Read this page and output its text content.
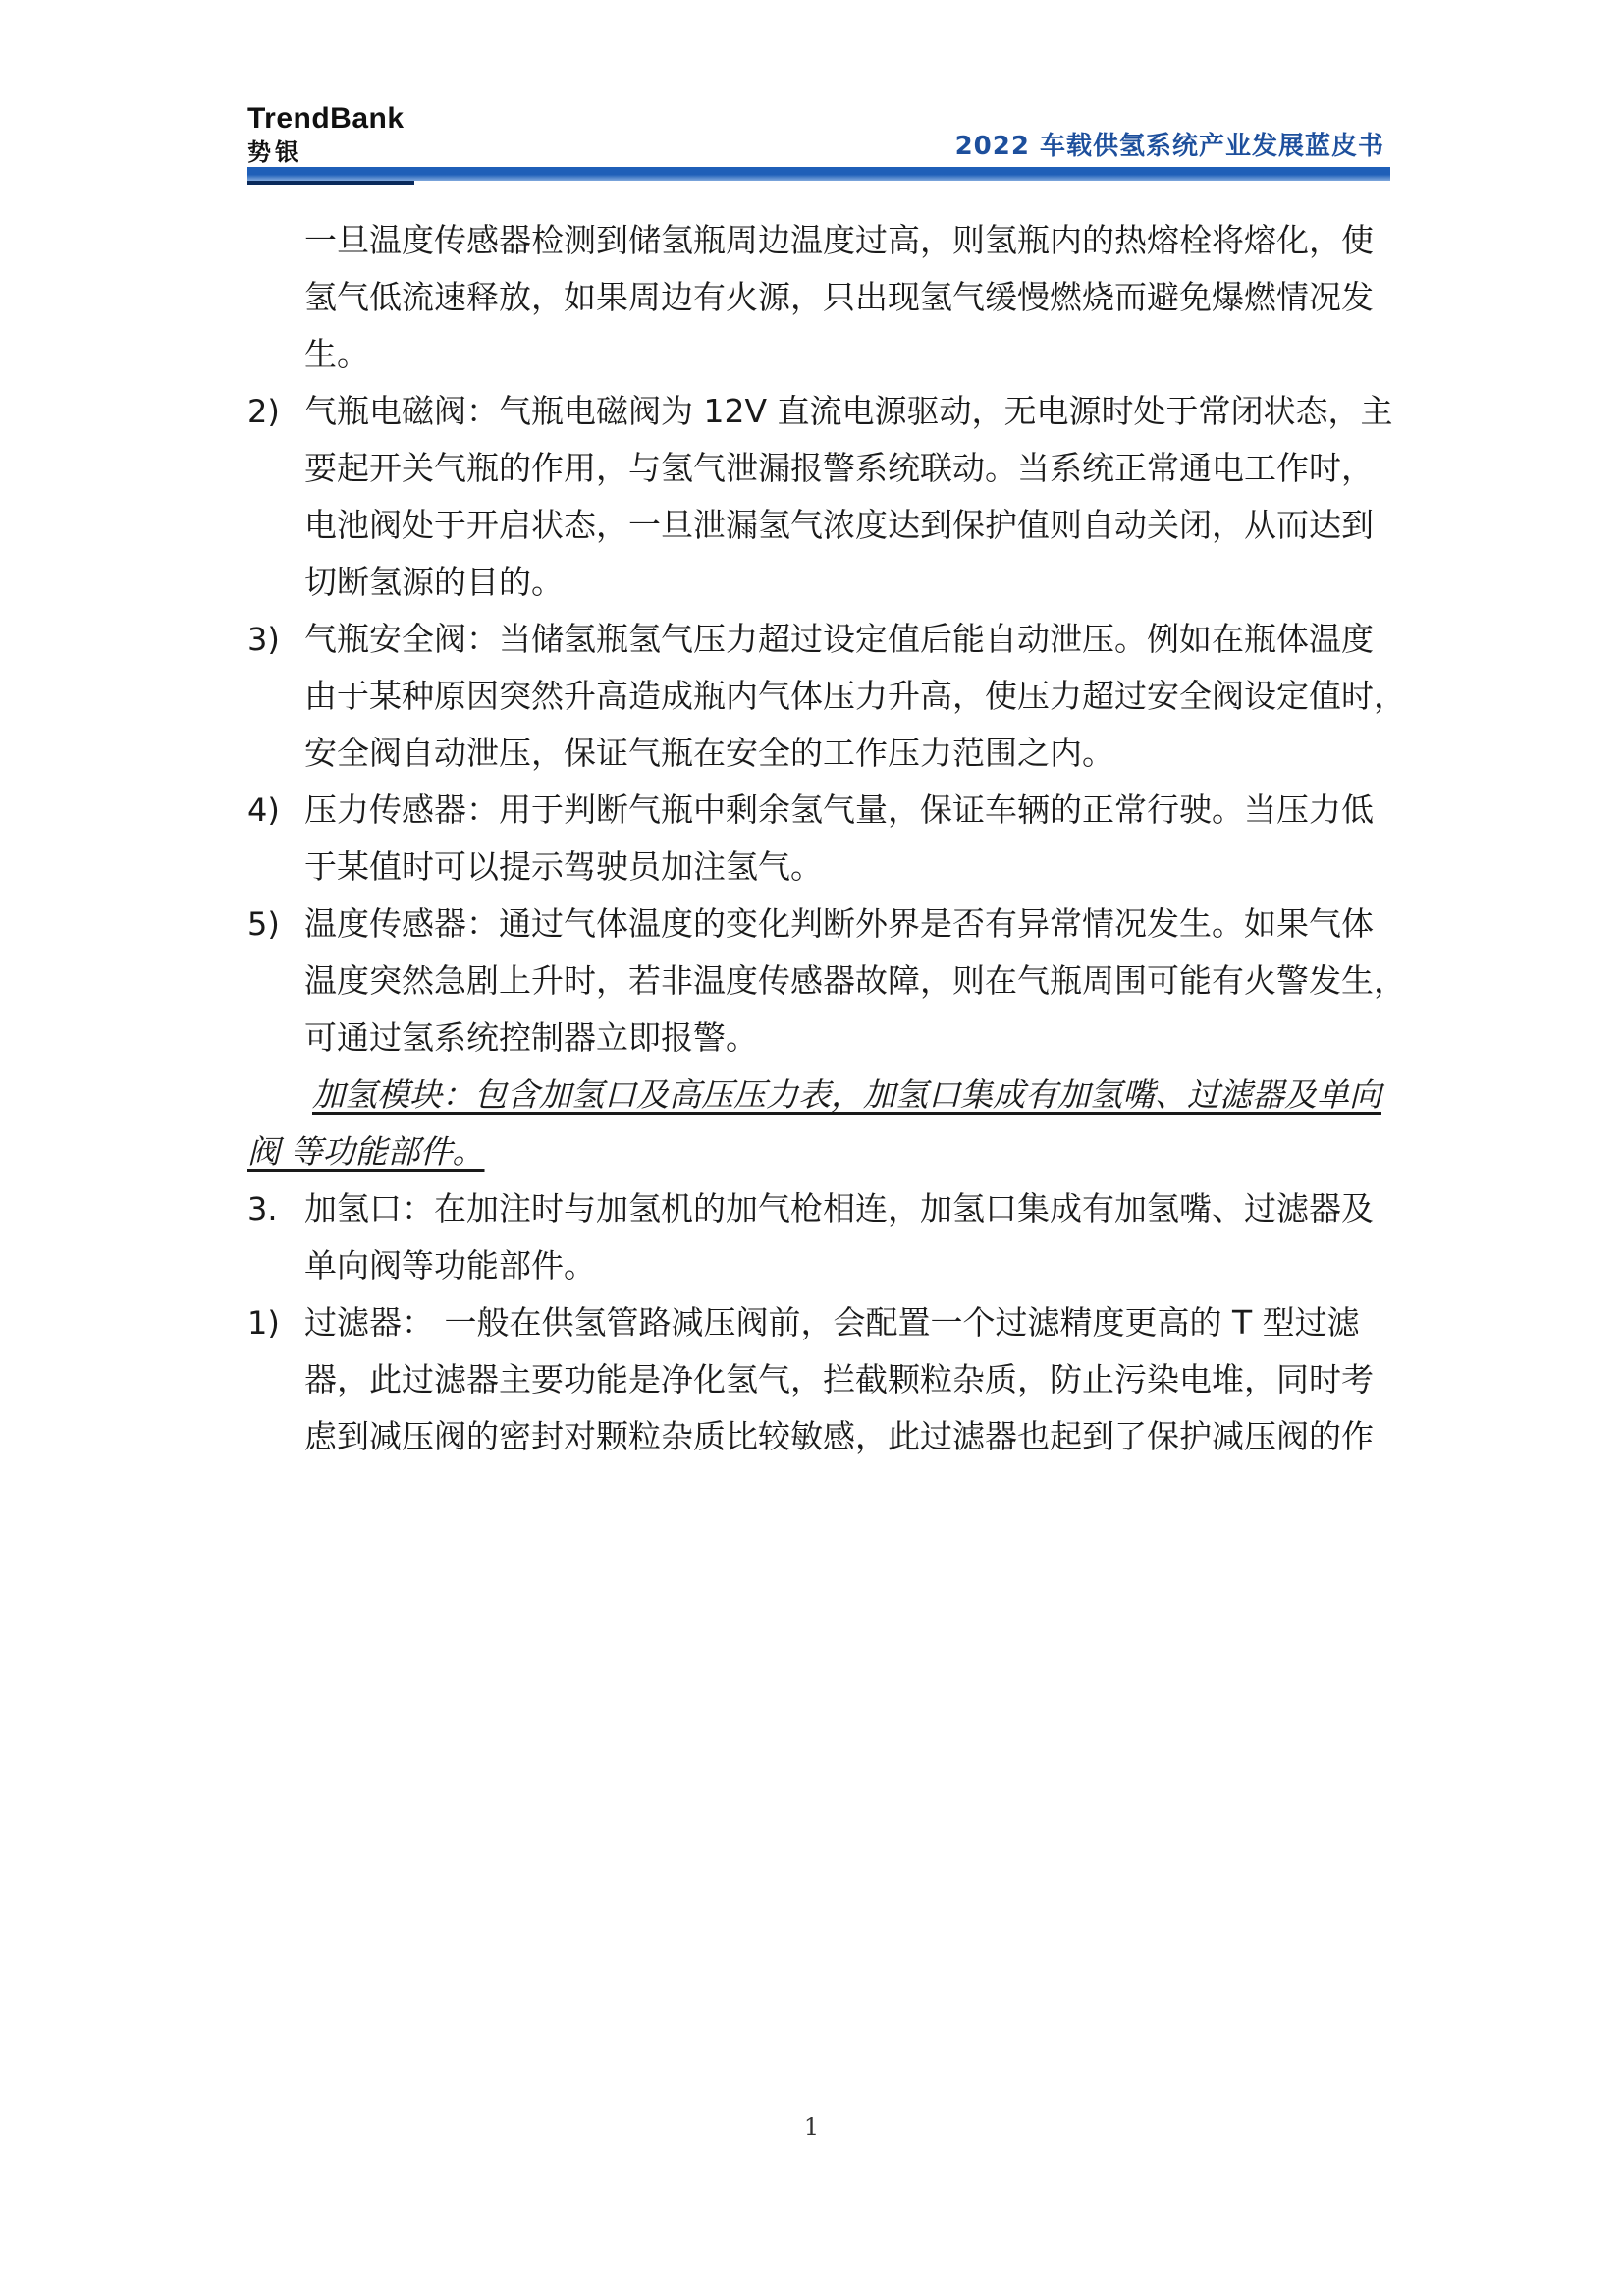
TrendBank
势银	2022 车载供氢系统产业发展蓝皮书
一旦温度传感器检测到储氢瓶周边温度过高，则氢瓶内的热熔栓将熔化，使
氢气低流速释放，如果周边有火源，只出现氢气缓慢燃烧而避免爆燃情况发
生。
2) 气瓶电磁阀：气瓶电磁阀为 12V 直流电源驱动，无电源时处于常闭状态，主
要起开关气瓶的作用，与氢气泄漏报警系统联动。当系统正常通电工作时，
电池阀处于开启状态，一旦泄漏氢气浓度达到保护值则自动关闭，从而达到
切断氢源的目的。
3) 气瓶安全阀：当储氢瓶氢气压力超过设定值后能自动泄压。例如在瓶体温度
由于某种原因突然升高造成瓶内气体压力升高，使压力超过安全阀设定值时，
安全阀自动泄压，保证气瓶在安全的工作压力范围之内。
4) 压力传感器：用于判断气瓶中剩余氢气量，保证车辆的正常行驶。当压力低
于某值时可以提示驾驶员加注氢气。
5) 温度传感器：通过气体温度的变化判断外界是否有异常情况发生。如果气体
温度突然急剧上升时，若非温度传感器故障，则在气瓶周围可能有火警发生，
可通过氢系统控制器立即报警。
加氢模块：包含加氢口及高压压力表，加氢口集成有加氢嘴、过滤器及单向
阀 等功能部件。
3. 加氢口：在加注时与加氢机的加气枪相连，加氢口集成有加氢嘴、过滤器及
单向阀等功能部件。
1) 过滤器： 一般在供氢管路减压阀前，会配置一个过滤精度更高的 T 型过滤
器，此过滤器主要功能是净化氢气，拦截颗粒杂质，防止污染电堆，同时考
虑到减压阀的密封对颗粒杂质比较敏感，此过滤器也起到了保护减压阀的作
1
